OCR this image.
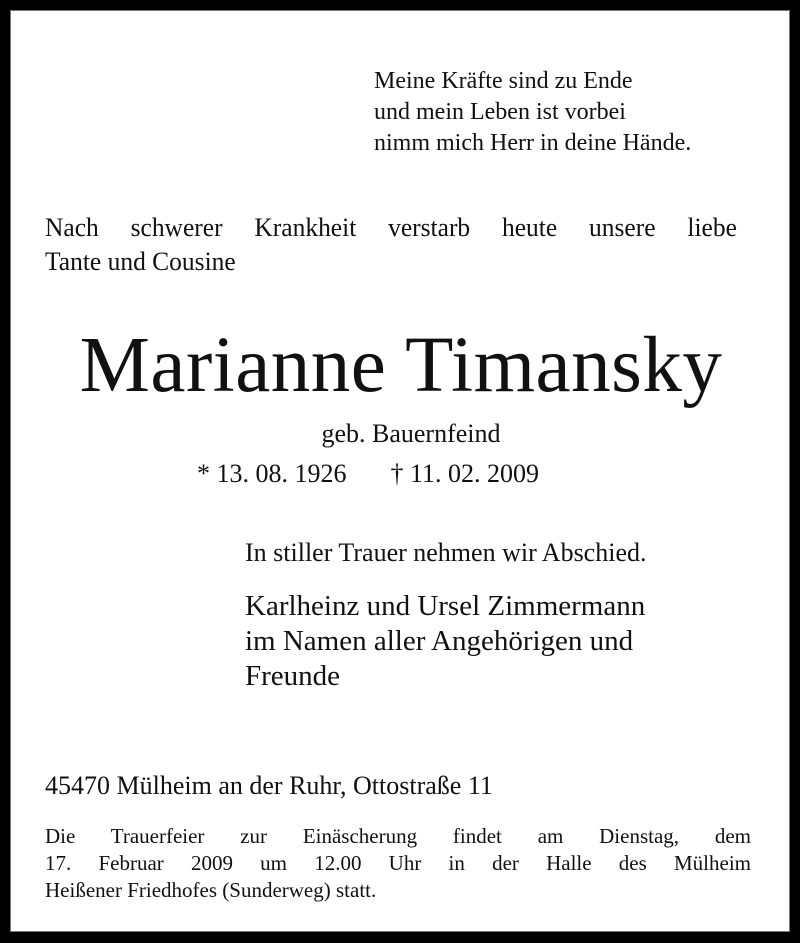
Meine Kräfte sind zu Ende
und mein Leben ist vorbei
nimm mich Herr in deine Hände.
Nach schwerer Krankheit verstarb heute unsere liebe
Tante und Cousine
Marianne Timansky
geb. Bauernfeind
* 13. 08. 1926 † 11. 02. 2009
In stiller Trauer nehmen wir Abschied.
Karlheinz und Ursel Zimmermann
im Namen aller Angehörigen und
Freunde
45470 Mülheim an der Ruhr, Ottostraße 11
Die Trauerfeier zur Einäscherung findet am Dienstag, dem
17. Februar 2009 um 12.00 Uhr in der Halle des Mülheim
Heißener Friedhofes (Sunderweg) statt.
